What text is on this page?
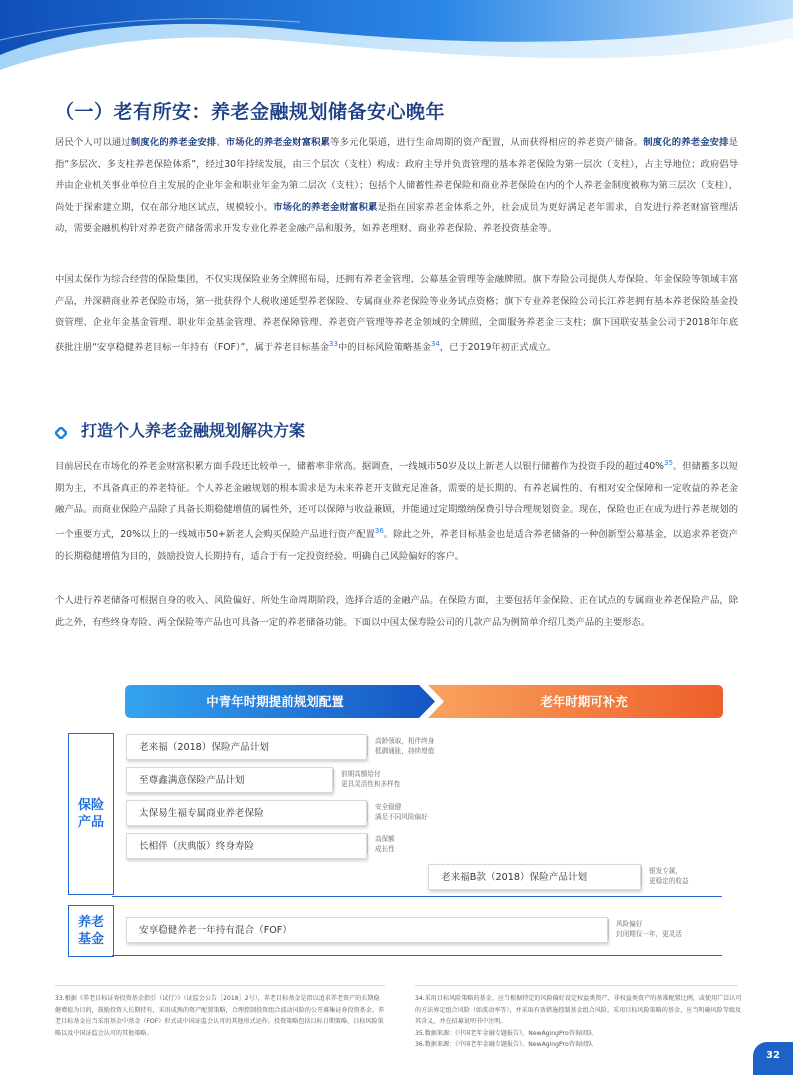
（一）老有所安：养老金融规划储备安心晚年

居民个人可以通过制度化的养老金安排、市场化的养老金财富积累等多元化渠道，进行生命周期的资产配置，从而获得相应的养老资产储备。制度化的养老金安排是指“多层次、多支柱养老保险体系”，经过30年持续发展，由三个层次（支柱）构成：政府主导并负责管理的基本养老保险为第一层次（支柱），占主导地位；政府倡导并由企业机关事业单位自主发展的企业年金和职业年金为第二层次（支柱）；包括个人储蓄性养老保险和商业养老保险在内的个人养老金制度被称为第三层次（支柱），尚处于探索建立期，仅在部分地区试点，规模较小。市场化的养老金财富积累是指在国家养老金体系之外，社会成员为更好满足老年需求，自发进行养老财富管理活动，需要金融机构针对养老资产储备需求开发专业化养老金融产品和服务，如养老理财、商业养老保险、养老投资基金等。

中国太保作为综合经营的保险集团，不仅实现保险业务全牌照布局，还拥有养老金管理、公募基金管理等金融牌照。旗下寿险公司提供人寿保险、年金保险等领域丰富产品，并深耕商业养老保险市场，第一批获得个人税收递延型养老保险、专属商业养老保险等业务试点资格；旗下专业养老保险公司长江养老拥有基本养老保险基金投资管理、企业年金基金管理、职业年金基金管理、养老保障管理、养老资产管理等养老金领域的全牌照，全面服务养老金三支柱；旗下国联安基金公司于2018年年底获批注册“安享稳健养老目标一年持有（FOF）”，属于养老目标基金$^{33}$中的目标风险策略基金$^{34}$，已于2019年初正式成立。

打造个人养老金融规划解决方案

目前居民在市场化的养老金财富积累方面手段还比较单一，储蓄率非常高。据调查，一线城市50岁及以上新老人以银行储蓄作为投资手段的超过40%$^{35}$。但储蓄多以短期为主，不具备真正的养老特征。个人养老金融规划的根本需求是为未来养老开支做充足准备，需要的是长期的、有养老属性的、有相对安全保障和一定收益的养老金融产品。而商业保险产品除了具备长期稳健增值的属性外，还可以保障与收益兼顾，并能通过定期缴纳保费引导合理规划资金。现在，保险也正在成为进行养老规划的一个重要方式，20%以上的一线城市50+新老人会购买保险产品进行资产配置$^{36}$。除此之外，养老目标基金也是适合养老储备的一种创新型公募基金，以追求养老资产的长期稳健增值为目的，鼓励投资人长期持有，适合于有一定投资经验、明确自己风险偏好的客户。

个人进行养老储备可根据自身的收入、风险偏好、所处生命周期阶段，选择合适的金融产品。在保险方面，主要包括年金保险、正在试点的专属商业养老保险产品，除此之外，有些终身寿险、两全保险等产品也可具备一定的养老储备功能。下面以中国太保寿险公司的几款产品为例简单介绍几类产品的主要形态。

中青年时期提前规划配置	老年时期可补充
保险
产品
养老
基金
老来福（2018）保险产品计划
高龄领取，相伴终身
抵御通胀，持续增值
至尊鑫满意保险产品计划
前期高额给付
更具灵活性和多样性
太保易生福专属商业养老保险
安全稳健
满足不同风险偏好
长相伴（庆典版）终身寿险
高保额
成长性
老来福B款（2018）保险产品计划
银发专属，
更稳定的收益
安享稳健养老一年持有混合（FOF）
风险偏好
封闭期仅一年，更灵活
33.根据《养老目标证券投资基金指引（试行）》（证监会公告［2018］2号），养老目标基金是指以追求养老资产的长期稳健增值为目的，鼓励投资人长期持有，采用成熟的资产配置策略，合理控制投资组合波动风险的公开募集证券投资基金。养老目标基金应当采用基金中基金（FOF）形式或中国证监会认可的其他形式运作。投资策略包括目标日期策略、目标风险策略以及中国证监会认可的其他策略。
34.采用目标风险策略的基金，应当根据特定的风险偏好设定权益类资产、非权益类资产的基准配置比例，或使用广泛认可的方法界定组合风险（如波动率等），并采取有效措施控制基金组合风险。采用目标风险策略的基金，应当明确风险等级及其含义，并在招募说明书中注明。
35.数据来源：《中国老年金融专题报告》，NewAgingPro咨询团队
36.数据来源：《中国老年金融专题报告》，NewAgingPro咨询团队
32
